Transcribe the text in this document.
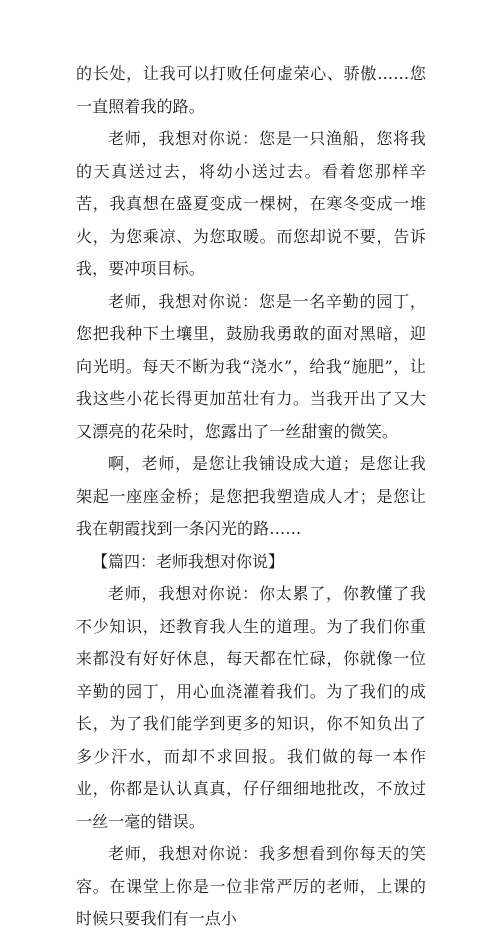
的长处，让我可以打败任何虚荣心、骄傲……您一直照着我的路。

老师，我想对你说：您是一只渔船，您将我的天真送过去，将幼小送过去。看着您那样辛苦，我真想在盛夏变成一棵树，在寒冬变成一堆火，为您乘凉、为您取暖。而您却说不要，告诉我，要冲项目标。

老师，我想对你说：您是一名辛勤的园丁，您把我种下土壤里，鼓励我勇敢的面对黑暗，迎向光明。每天不断为我“浇水”，给我“施肥”，让我这些小花长得更加茁壮有力。当我开出了又大又漂亮的花朵时，您露出了一丝甜蜜的微笑。

啊，老师，是您让我铺设成大道；是您让我架起一座座金桥；是您把我塑造成人才；是您让我在朝霞找到一条闪光的路……

【篇四：老师我想对你说】

老师，我想对你说：你太累了，你教懂了我不少知识，还教育我人生的道理。为了我们你重来都没有好好休息，每天都在忙碌，你就像一位辛勤的园丁，用心血浇灌着我们。为了我们的成长，为了我们能学到更多的知识，你不知负出了多少汗水，而却不求回报。我们做的每一本作业，你都是认认真真，仔仔细细地批改，不放过一丝一毫的错误。

老师，我想对你说：我多想看到你每天的笑容。在课堂上你是一位非常严厉的老师，上课的时候只要我们有一点小
